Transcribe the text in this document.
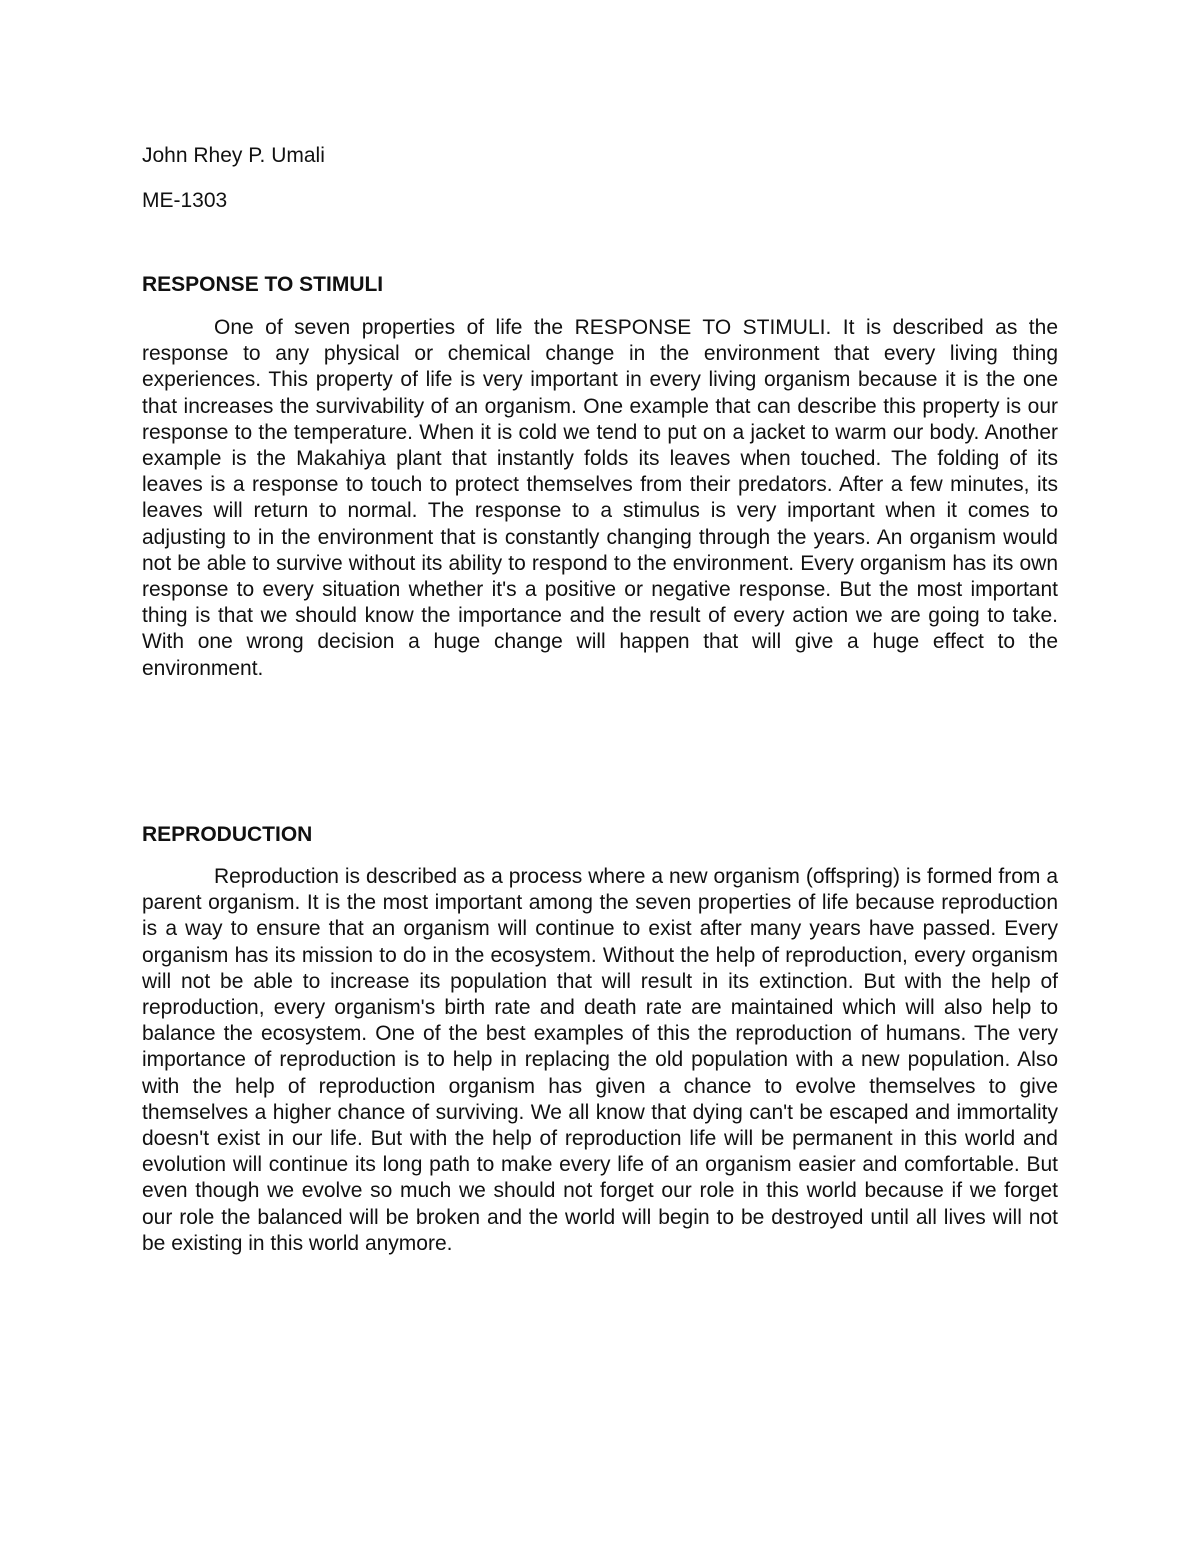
John Rhey P. Umali
ME-1303
RESPONSE TO STIMULI

One of seven properties of life the RESPONSE TO STIMULI. It is described as the response to any physical or chemical change in the environment that every living thing experiences. This property of life is very important in every living organism because it is the one that increases the survivability of an organism. One example that can describe this property is our response to the temperature. When it is cold we tend to put on a jacket to warm our body. Another example is the Makahiya plant that instantly folds its leaves when touched. The folding of its leaves is a response to touch to protect themselves from their predators. After a few minutes, its leaves will return to normal. The response to a stimulus is very important when it comes to adjusting to in the environment that is constantly changing through the years. An organism would not be able to survive without its ability to respond to the environment. Every organism has its own response to every situation whether it's a positive or negative response. But the most important thing is that we should know the importance and the result of every action we are going to take. With one wrong decision a huge change will happen that will give a huge effect to the environment.

REPRODUCTION

Reproduction is described as a process where a new organism (offspring) is formed from a parent organism. It is the most important among the seven properties of life because reproduction is a way to ensure that an organism will continue to exist after many years have passed. Every organism has its mission to do in the ecosystem. Without the help of reproduction, every organism will not be able to increase its population that will result in its extinction. But with the help of reproduction, every organism's birth rate and death rate are maintained which will also help to balance the ecosystem. One of the best examples of this the reproduction of humans. The very importance of reproduction is to help in replacing the old population with a new population. Also with the help of reproduction organism has given a chance to evolve themselves to give themselves a higher chance of surviving. We all know that dying can't be escaped and immortality doesn't exist in our life. But with the help of reproduction life will be permanent in this world and evolution will continue its long path to make every life of an organism easier and comfortable. But even though we evolve so much we should not forget our role in this world because if we forget our role the balanced will be broken and the world will begin to be destroyed until all lives will not be existing in this world anymore.
